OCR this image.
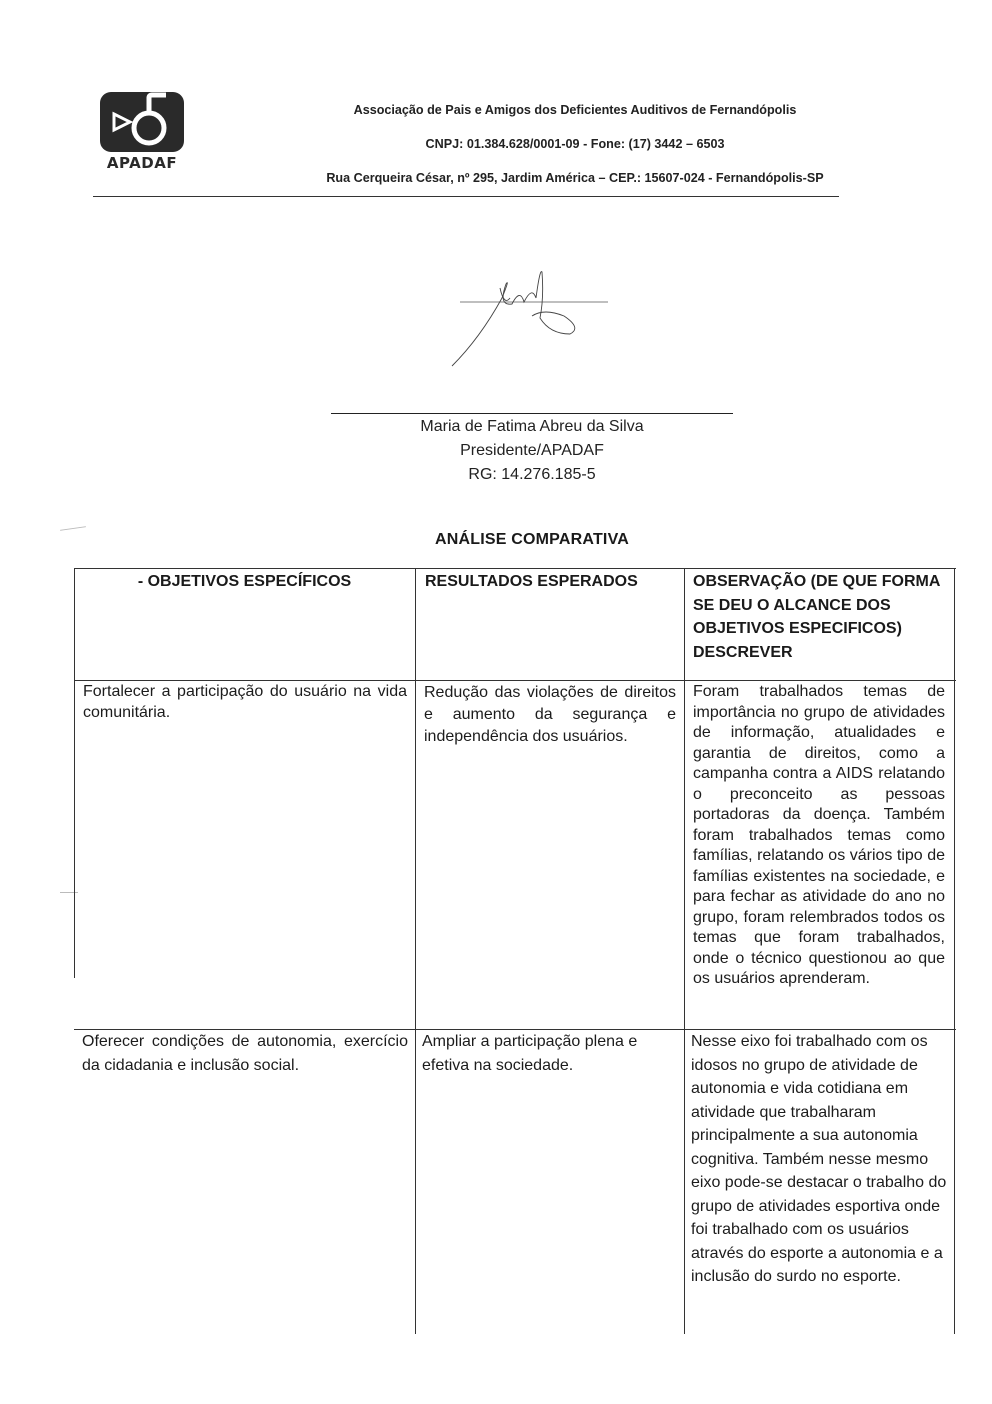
APADAF
Associação de Pais e Amigos dos Deficientes Auditivos de Fernandópolis
CNPJ: 01.384.628/0001-09 - Fone: (17) 3442 – 6503
Rua Cerqueira César, nº 295, Jardim América – CEP.: 15607-024 - Fernandópolis-SP
Maria de Fatima Abreu da Silva
Presidente/APADAF
RG: 14.276.185-5
ANÁLISE COMPARATIVA
- OBJETIVOS ESPECÍFICOS	RESULTADOS ESPERADOS	OBSERVAÇÃO (DE QUE FORMA SE DEU O ALCANCE DOS OBJETIVOS ESPECIFICOS) DESCREVER
Fortalecer a participação do usuário na vida comunitária.
Redução das violações de direitos e aumento da segurança e independência dos usuários.
Foram trabalhados temas de importância no grupo de atividades de informação, atualidades e garantia de direitos, como a campanha contra a AIDS relatando o preconceito as pessoas portadoras da doença. Também foram trabalhados temas como famílias, relatando os vários tipo de famílias existentes na sociedade, e para fechar as atividade do ano no grupo, foram relembrados todos os temas que foram trabalhados, onde o técnico questionou ao que os usuários aprenderam.
Oferecer condições de autonomia, exercício da cidadania e inclusão social.
Ampliar a participação plena e efetiva na sociedade.
Nesse eixo foi trabalhado com os idosos no grupo de atividade de autonomia e vida cotidiana em atividade que trabalharam principalmente a sua autonomia cognitiva. Também nesse mesmo eixo pode-se destacar o trabalho do grupo de atividades esportiva onde foi trabalhado com os usuários através do esporte a autonomia e a inclusão do surdo no esporte.
